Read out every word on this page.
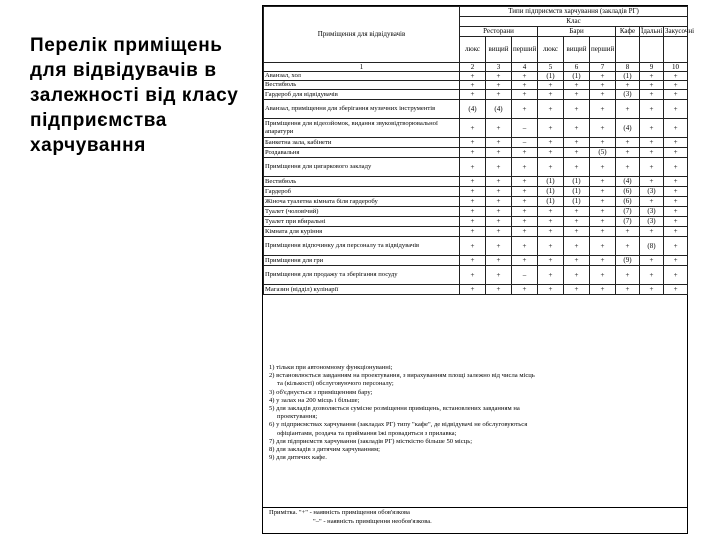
Перелік приміщень для відвідувачів в залежності від класу підприємства харчування
Приміщення для відвідувачів	Типи підприємств харчування (закладів РГ)								
	Клас								
	Ресторани			Бари			Кафе	Їдальні	Закусочні
	люкс	вищий	перший	люкс	вищий	перший			
1	2	3	4	5	6	7	8	9	10
Аванзал, хол	+	+	+	(1)	(1)	+	(1)	+	+
Вестибюль	+	+	+	+	+	+	+	+	+
Гардероб для відвідувачів	+	+	+	+	+	+	(3)	+	+
Аванзал, приміщення для зберігання музичних інструментів	(4)	(4)	+	+	+	+	+	+	+
Приміщення для відеозйомок, видання звуковідтворювальної апаратури	+	+	–	+	+	+	(4)	+	+
Банкетна зала, кабінети	+	+	–	+	+	+	+	+	+
Роздавальня	+	+	+	+	+	(5)	+	+	+
Приміщення для цигаркового закладу	+	+	+	+	+	+	+	+	+
Вестибюль	+	+	+	(1)	(1)	+	(4)	+	+
Гардероб	+	+	+	(1)	(1)	+	(6)	(3)	+
Жіноча туалетна кімната біля гардеробу	+	+	+	(1)	(1)	+	(6)	+	+
Туалет (чоловічий)	+	+	+	+	+	+	(7)	(3)	+
Туалет при вбиральні	+	+	+	+	+	+	(7)	(3)	+
Кімната для куріння	+	+	+	+	+	+	+	+	+
Приміщення відпочинку для персоналу та відвідувачів	+	+	+	+	+	+	+	(8)	+
Приміщення для гри	+	+	+	+	+	+	(9)	+	+
Приміщення для продажу та зберігання посуду	+	+	–	+	+	+	+	+	+
Магазин (відділ) кулінарії	+	+	+	+	+	+	+	+	+
1) тільки при автономному функціонуванні;
2) встановлюється завданням на проектування, з вирахуванням площі залежно від числа місць
та (кількості) обслуговуючого персоналу;
3) об'єднується з приміщенням бару;
4) у залах на 200 місць і більше;
5) для закладів дозволяється сумісне розміщення приміщень, встановлених завданням на
проектування;
6) у підприємствах харчування (закладах РГ) типу "кафе", де відвідувачі не обслуговуються
офіціантами, роздача та приймання їжі провадиться з прилавка;
7) для підприємств харчування (закладів РГ) місткістю більше 50 місць;
8) для закладів з дитячим харчуванням;
9) для дитячих кафе.
Примітка. "+" - наявність приміщення обов'язкова
"–" - наявність приміщення необов'язкова.
